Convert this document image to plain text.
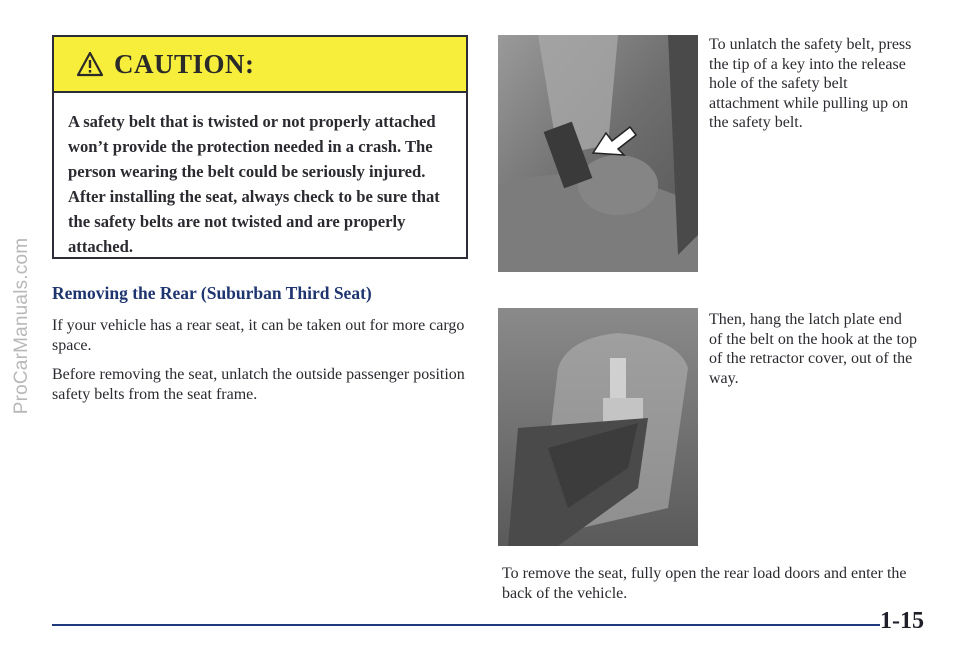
ProCarManuals.com
CAUTION:
A safety belt that is twisted or not properly attached won’t provide the protection needed in a crash. The person wearing the belt could be seriously injured. After installing the seat, always check to be sure that the safety belts are not twisted and are properly attached.
Removing the Rear (Suburban Third Seat)
If your vehicle has a rear seat, it can be taken out for more cargo space.
Before removing the seat, unlatch the outside passenger position safety belts from the seat frame.
To unlatch the safety belt, press the tip of a key into the release hole of the safety belt attachment while pulling up on the safety belt.
Then, hang the latch plate end of the belt on the hook at the top of the retractor cover, out of the way.
To remove the seat, fully open the rear load doors and enter the back of the vehicle.
1-15
